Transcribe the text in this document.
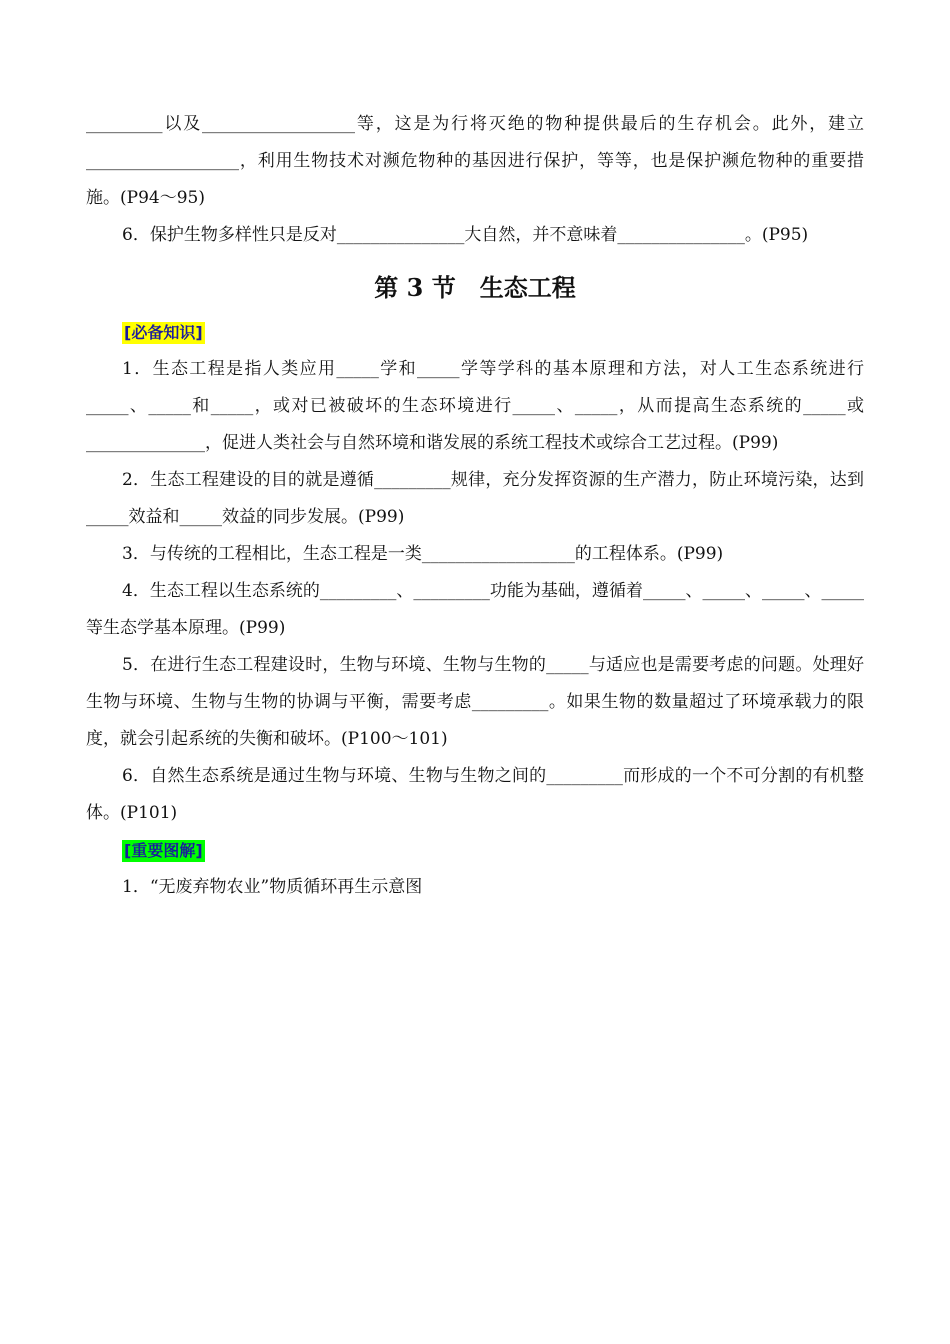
_________以及__________________等，这是为行将灭绝的物种提供最后的生存机会。此外，建立__________________，利用生物技术对濒危物种的基因进行保护，等等，也是保护濒危物种的重要措施。(P94～95)

6．保护生物多样性只是反对_______________大自然，并不意味着_______________。(P95)

第 3 节　生态工程
[必备知识]

1．生态工程是指人类应用_____学和_____学等学科的基本原理和方法，对人工生态系统进行_____、_____和_____，或对已被破坏的生态环境进行_____、_____，从而提高生态系统的_____或______________，促进人类社会与自然环境和谐发展的系统工程技术或综合工艺过程。(P99)

2．生态工程建设的目的就是遵循_________规律，充分发挥资源的生产潜力，防止环境污染，达到_____效益和_____效益的同步发展。(P99)

3．与传统的工程相比，生态工程是一类__________________的工程体系。(P99)

4．生态工程以生态系统的_________、_________功能为基础，遵循着_____、_____、_____、_____等生态学基本原理。(P99)

5．在进行生态工程建设时，生物与环境、生物与生物的_____与适应也是需要考虑的问题。处理好生物与环境、生物与生物的协调与平衡，需要考虑_________。如果生物的数量超过了环境承载力的限度，就会引起系统的失衡和破坏。(P100～101)

6．自然生态系统是通过生物与环境、生物与生物之间的_________而形成的一个不可分割的有机整体。(P101)

[重要图解]

1．“无废弃物农业”物质循环再生示意图
